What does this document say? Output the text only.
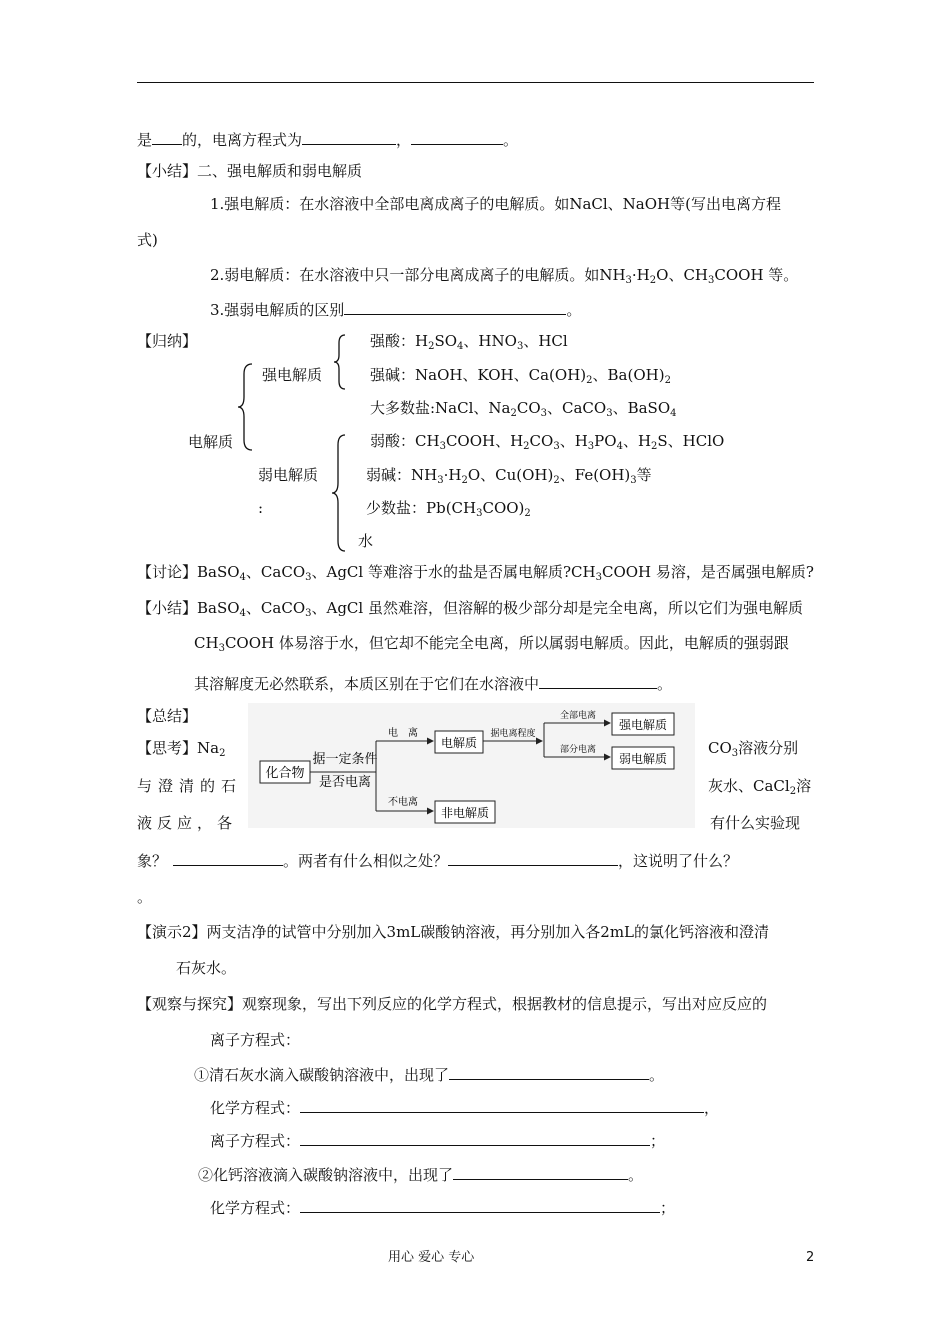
是 的，电离方程式为	，	。
【小结】二、强电解质和弱电解质
1.强电解质：在水溶液中全部电离成离子的电解质。如NaCl、NaOH等(写出电离方程
式)
2.弱电解质：在水溶液中只一部分电离成离子的电解质。如$NH_3\cdot H_2O$、$CH_3COOH$ 等。
3.强弱电解质的区别	。
【归纳】
强电解质
电解质
弱电解质
:
强酸：$H_2SO_4$、$HNO_3$、HCl
强碱：NaOH、KOH、$Ca(OH)_2$、$Ba(OH)_2$
大多数盐:NaCl、$Na_2CO_3$、CaCO$_3$、BaSO$_4$
弱酸：$CH_3COOH$、$H_2CO_3$、$H_3PO_4$、$H_2S$、HClO
弱碱：$NH_3\cdot H_2O$、$Cu(OH)_2$、$Fe(OH)_3$等
少数盐：$Pb(CH_3COO)_2$
水
【讨论】BaSO$_4$、CaCO$_3$、AgCl 等难溶于水的盐是否属电解质$?CH_3COOH$ 易溶，是否属强电解质?
【小结】BaSO$_4$、CaCO$_3$、AgCl 虽然难溶，但溶解的极少部分却是完全电离，所以它们为强电解质
$CH_3COOH$ 体易溶于水，但它却不能完全电离，所以属弱电解质。因此，电解质的强弱跟
其溶解度无必然联系，本质区别在于它们在水溶液中	。
【总结】
【思考】$Na_2$	$CO_3$溶液分别
与澄清的石	灰水、CaCl$_2$溶
液反应，各	有什么实验现
象？	。两者有什么相似之处？	，这说明了什么？
。
化合物
据一定条件
是否电离
电　离
电解质
据电离程度
全部电离
部分电离
强电解质
弱电解质
不电离
非电解质
【演示2】两支洁净的试管中分别加入3mL碳酸钠溶液，再分别加入各2mL的氯化钙溶液和澄清
石灰水。
【观察与探究】观察现象，写出下列反应的化学方程式，根据教材的信息提示，写出对应反应的
离子方程式：
①清石灰水滴入碳酸钠溶液中，出现了	。
化学方程式：	，
离子方程式：	；
②化钙溶液滴入碳酸钠溶液中，出现了	。
化学方程式：	；
用心 爱心 专心	2
